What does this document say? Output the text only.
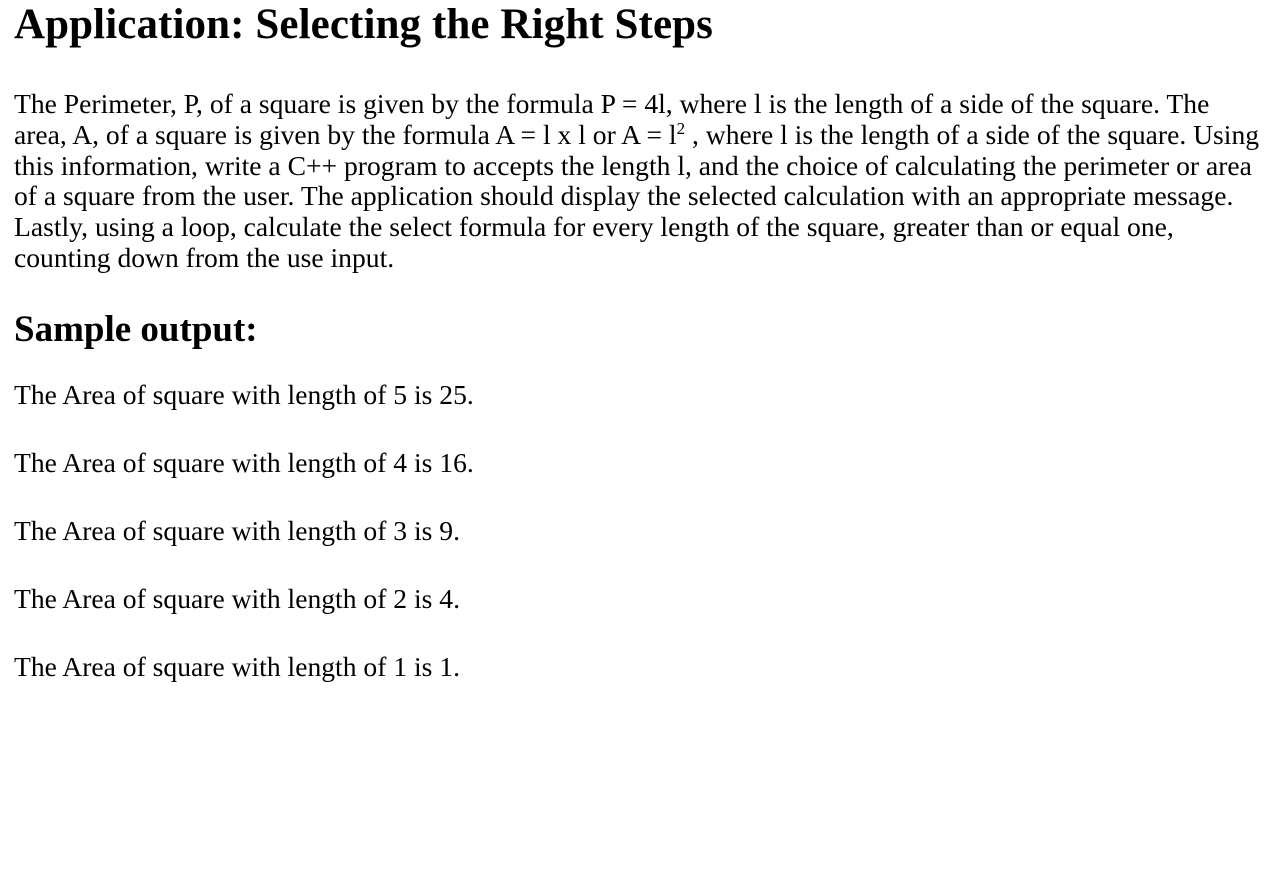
Application: Selecting the Right Steps

The Perimeter, P, of a square is given by the formula P = 4l, where l is the length of a side of the square. The area, A, of a square is given by the formula A = l x l or $A = l^2$ , where l is the length of a side of the square. Using this information, write a C++ program to accepts the length l, and the choice of calculating the perimeter or area of a square from the user. The application should display the selected calculation with an appropriate message. Lastly, using a loop, calculate the select formula for every length of the square, greater than or equal one, counting down from the use input.

Sample output:

The Area of square with length of 5 is 25.

The Area of square with length of 4 is 16.

The Area of square with length of 3 is 9.

The Area of square with length of 2 is 4.

The Area of square with length of 1 is 1.
